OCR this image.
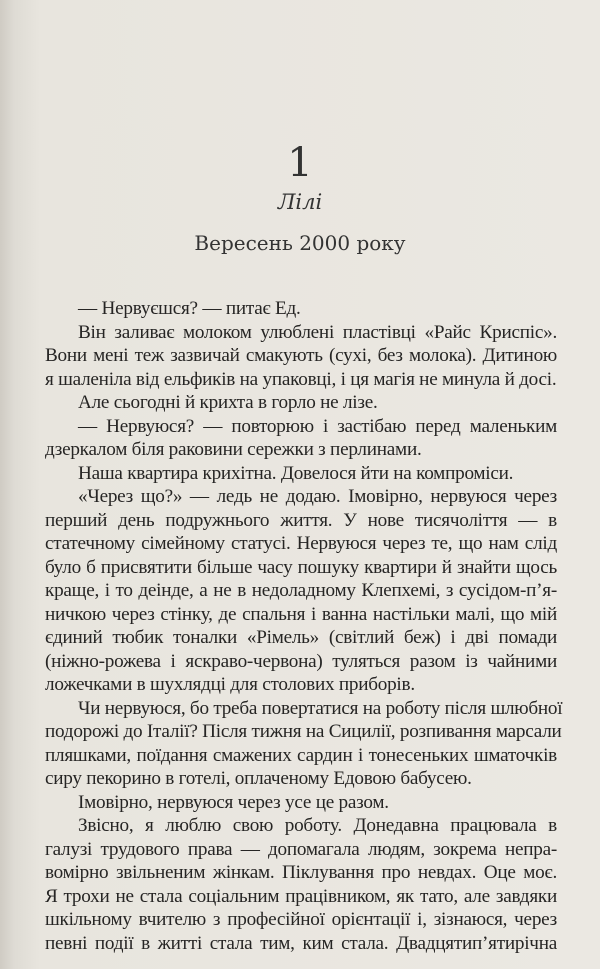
1
Лілі
Вересень 2000 року
— Нервуєшся? — питає Ед.
Він заливає молоком улюблені пластівці «Райс Криспіс».
Вони мені теж зазвичай смакують (сухі, без молока). Дитиною
я шаленіла від ельфиків на упаковці, і ця магія не минула й досі.
Але сьогодні й крихта в горло не лізе.
— Нервуюся? — повторюю і застібаю перед маленьким
дзеркалом біля раковини сережки з перлинами.
Наша квартира крихітна. Довелося йти на компроміси.
«Через що?» — ледь не додаю. Імовірно, нервуюся через
перший день подружнього життя. У нове тисячоліття — в
статечному сімейному статусі. Нервуюся через те, що нам слід
було б присвятити більше часу пошуку квартири й знайти щось
краще, і то деінде, а не в недоладному Клепхемі, з сусідом-п’я-
ничкою через стінку, де спальня і ванна настільки малі, що мій
єдиний тюбик тоналки «Рімель» (світлий беж) і дві помади
(ніжно-рожева і яскраво-червона) туляться разом із чайними
ложечками в шухлядці для столових приборів.
Чи нервуюся, бо треба повертатися на роботу після шлюбної
подорожі до Італії? Після тижня на Сицилії, розпивання марсали
пляшками, поїдання смажених сардин і тонесеньких шматочків
сиру пекорино в готелі, оплаченому Едовою бабусею.
Імовірно, нервуюся через усе це разом.
Звісно, я люблю свою роботу. Донедавна працювала в
галузі трудового права — допомагала людям, зокрема непра-
вомірно звільненим жінкам. Піклування про невдах. Оце моє.
Я трохи не стала соціальним працівником, як тато, але завдяки
шкільному вчителю з професійної орієнтації і, зізнаюся, через
певні події в житті стала тим, ким стала. Двадцятип’ятирічна
